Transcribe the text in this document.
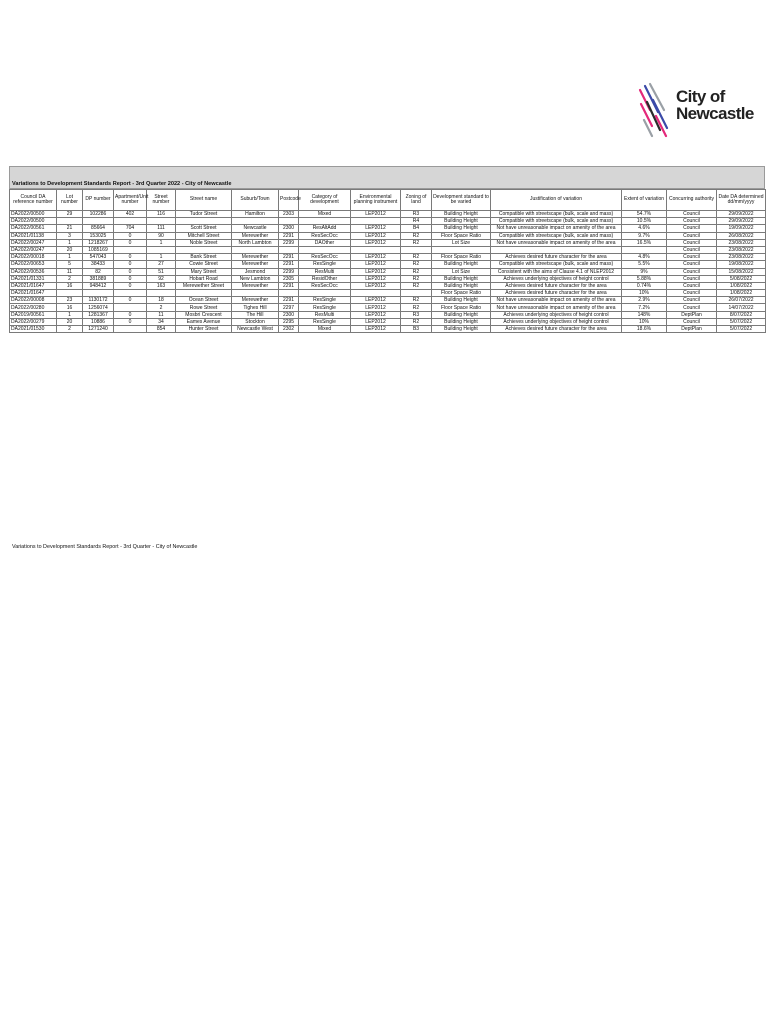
City of
Newcastle
Variations to Development Standards Report - 3rd Quarter 2022 - City of Newcastle
Council DA reference number	Lot number	DP number	Apartment/Unit number	Street number	Street name	Suburb/Town	Postcode	Category of development	Environmental planning instrument	Zoning of land	Development standard to be varied	Justification of variation	Extent of variation	Concurring authority	Date DA determined dd/mm/yyyy
DA2022/00500	29	102286	402	116	Tudor Street	Hamilton	2303	Mixed	LEP2012	R3	Building Height	Compatible with streetscape (bulk, scale and mass)	54.7%	Council	29/09/2022
DA2022/00500										R4	Building Height	Compatible with streetscape (bulk, scale and mass)	10.5%	Council	29/09/2022
DA2022/00561	21	85664	704	111	Scott Street	Newcastle	2300	ResAltAdd	LEP2012	B4	Building Height	Not have unreasonable impact on amenity of the area	4.6%	Council	19/09/2022
DA2021/01138	3	153025	0	90	Mitchell Street	Merewether	2291	ResSecOcc	LEP2012	R2	Floor Space Ratio	Compatible with streetscape (bulk, scale and mass)	9.7%	Council	26/08/2022
DA2022/00247	1	1218267	0	1	Noble Street	North Lambton	2299	DAOther	LEP2012	R2	Lot Size	Not have unreasonable impact on amenity of the area	16.5%	Council	23/08/2022
DA2022/00247	20	1085169												Council	23/08/2022
DA2022/00018	1	547043	0	1	Bank Street	Merewether	2291	ResSecOcc	LEP2012	R2	Floor Space Ratio	Achieves desired future character for the area	4.8%	Council	23/08/2022
DA2022/00653	5	38433	0	27	Cowie Street	Merewether	2291	ResSingle	LEP2012	R2	Building Height	Compatible with streetscape (bulk, scale and mass)	5.5%	Council	19/08/2022
DA2022/00536	11	82	0	51	Mary Street	Jesmond	2299	ResMulti	LEP2012	R2	Lot Size	Consistent with the aims of Clause 4.1 of NLEP2012	9%	Council	15/08/2022
DA2021/01331	2	381889	0	92	Hobart Road	New Lambton	2305	ResidOther	LEP2012	R2	Building Height	Achieves underlying objectives of height control	5.88%	Council	5/08/2022
DA2021/01647	16	948412	0	163	Merewether Street	Merewether	2291	ResSecOcc	LEP2012	R2	Building Height	Achieves desired future character for the area	0.74%	Council	1/08/2022
DA2021/01647											Floor Space Ratio	Achieves desired future character for the area	10%	Council	1/08/2022
DA2022/00008	23	1130172	0	18	Ocean Street	Merewether	2291	ResSingle	LEP2012	R2	Building Height	Not have unreasonable impact on amenity of the area	2.9%	Council	26/07/2022
DA2022/00280	16	1256074		2	Rowe Street	Tighes Hill	2297	ResSingle	LEP2012	R2	Floor Space Ratio	Not have unreasonable impact on amenity of the area	7.2%	Council	14/07/2022
DA2019/00561	1	1281367	0	11	Mosbri Crescent	The Hill	2300	ResMulti	LEP2012	R3	Building Height	Achieves underlying objectives of height control	148%	DeptPlan	8/07/2022
DA2022/00279	20	10886	0	34	Eames Avenue	Stockton	2295	ResSingle	LEP2012	R2	Building Height	Achieves underlying objectives of height control	10%	Council	5/07/2022
DA2021/01530	2	1271240		854	Hunter Street	Newcastle West	2302	Mixed	LEP2012	B3	Building Height	Achieves desired future character for the area	18.6%	DeptPlan	5/07/2022
Variations to Development Standards Report - 3rd Quarter - City of Newcastle
